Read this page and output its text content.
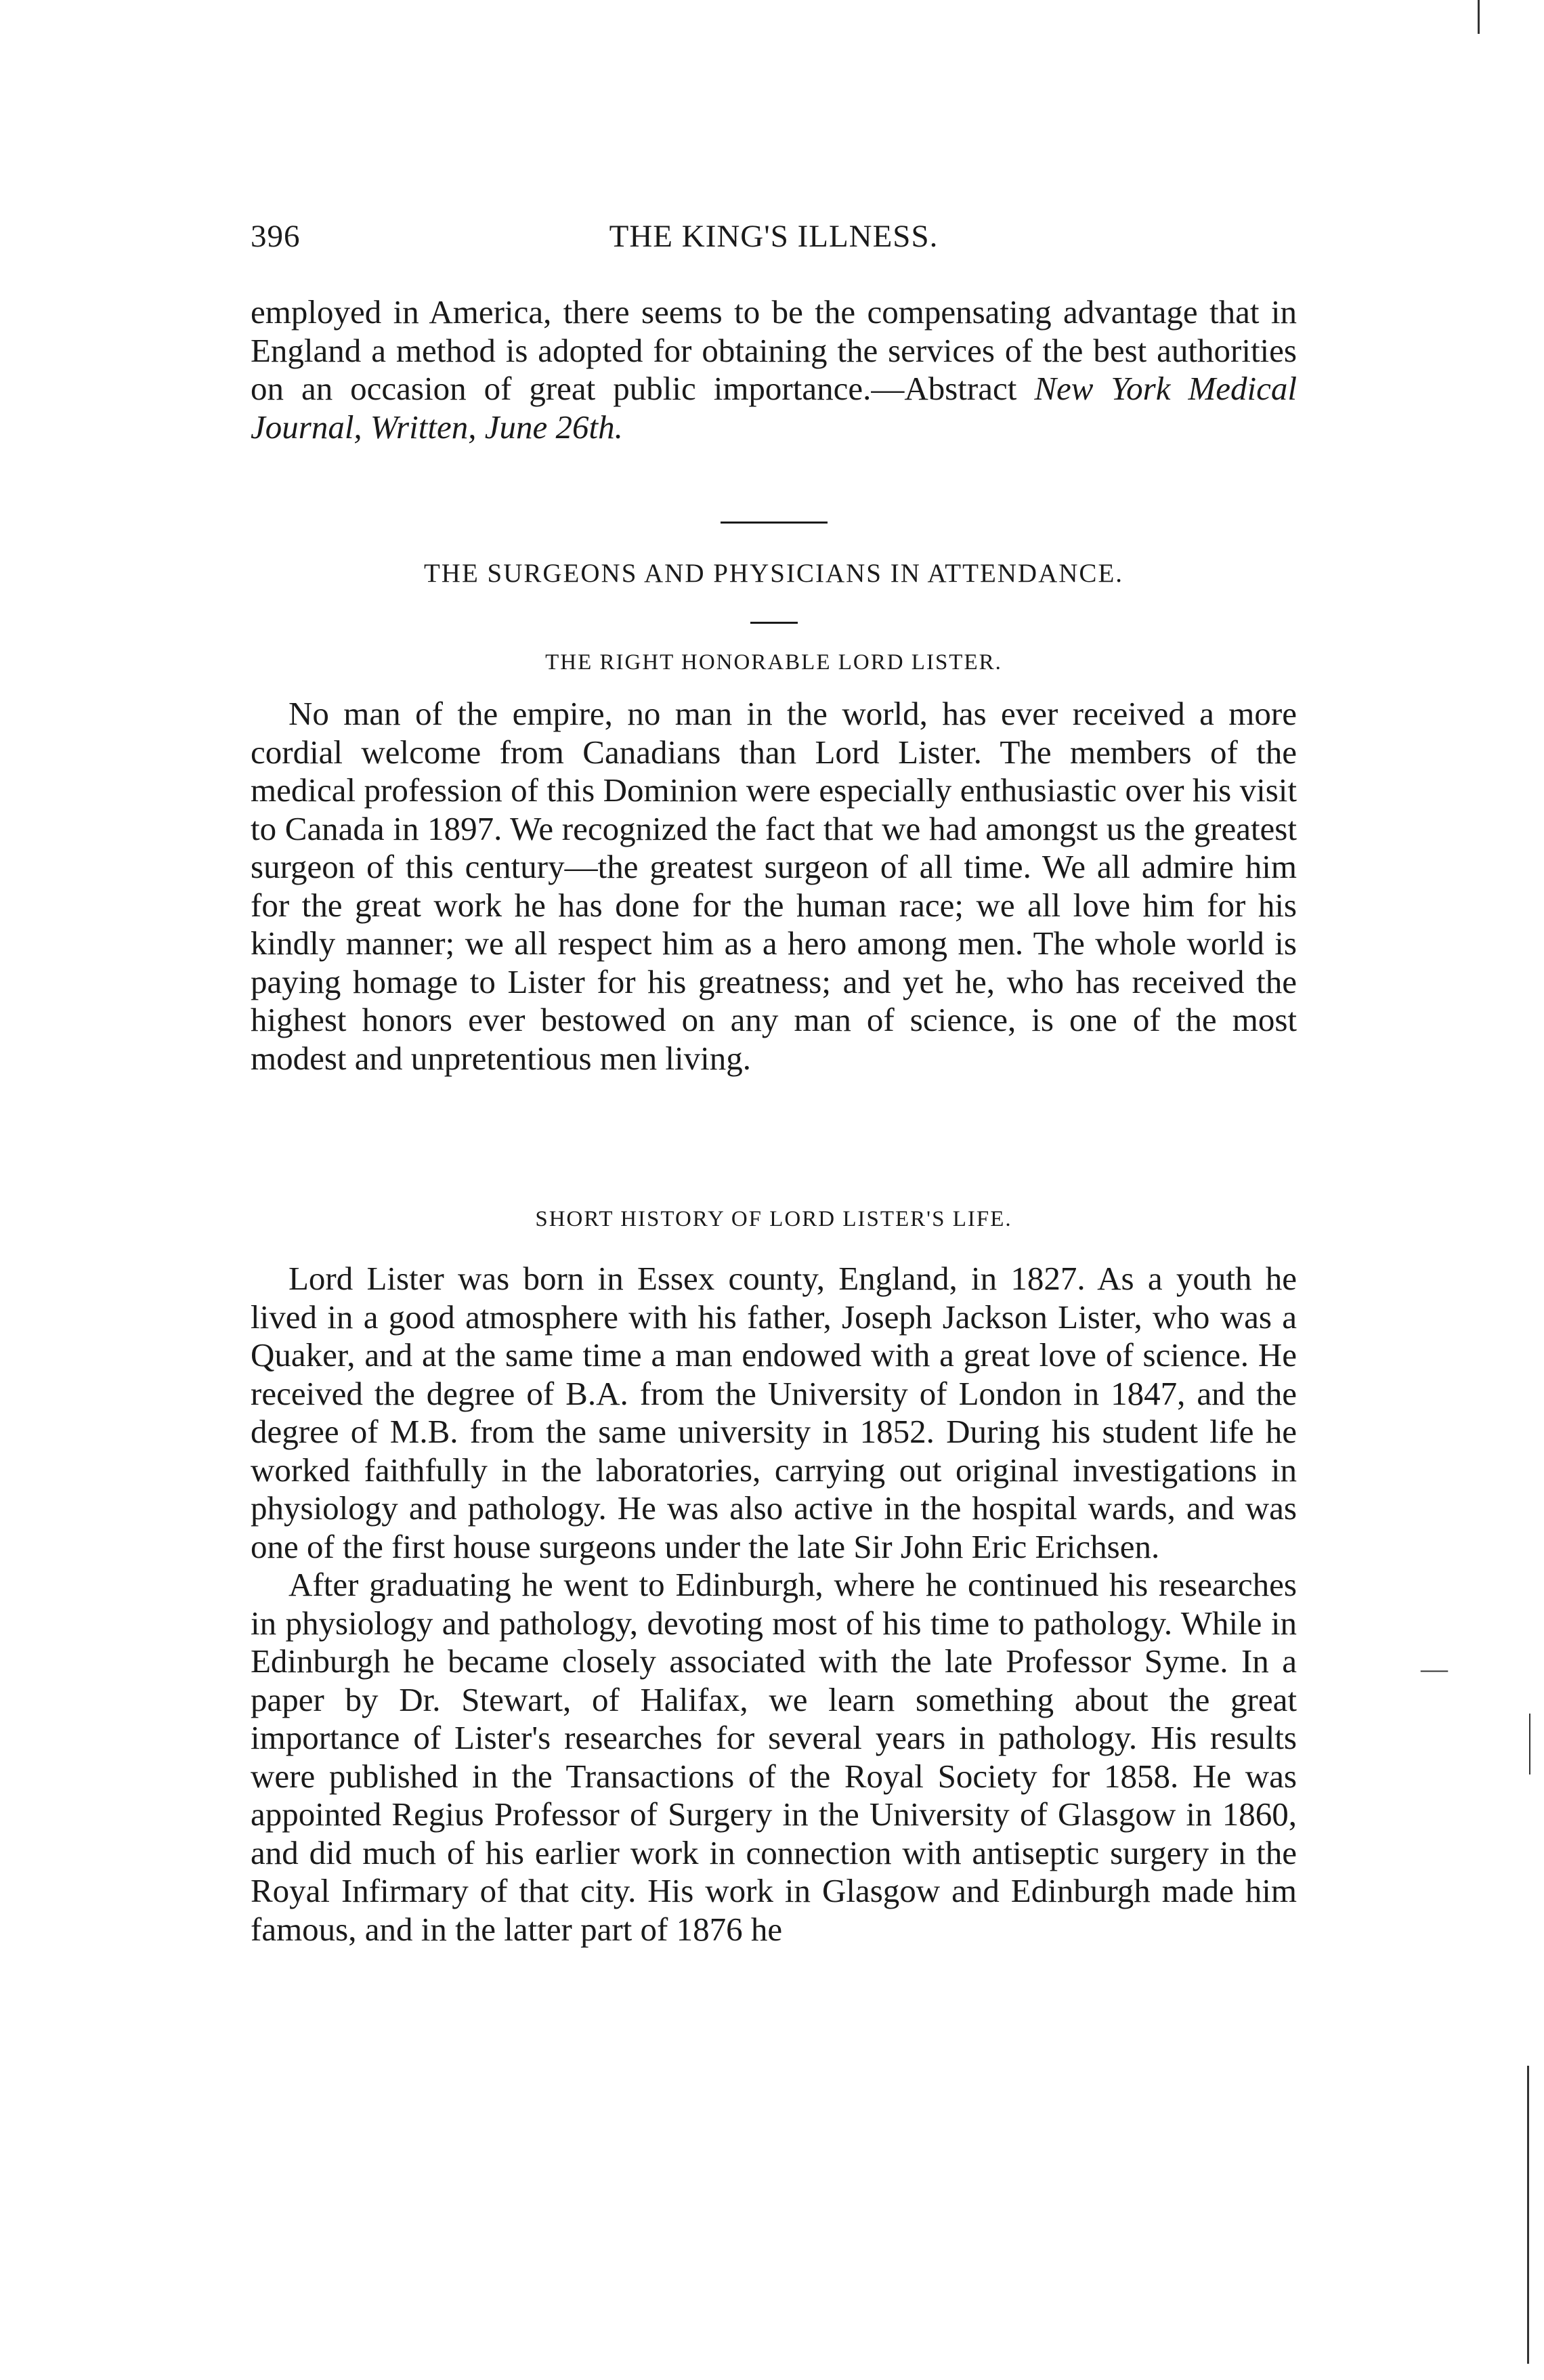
396	THE KING'S ILLNESS.

employed in America, there seems to be the compensating advantage that in England a method is adopted for obtaining the services of the best authorities on an occasion of great public importance.—Abstract New York Medical Journal, Written, June 26th.

THE SURGEONS AND PHYSICIANS IN ATTENDANCE.
THE RIGHT HONORABLE LORD LISTER.

No man of the empire, no man in the world, has ever received a more cordial welcome from Canadians than Lord Lister. The members of the medical profession of this Dominion were especially enthusiastic over his visit to Canada in 1897. We recognized the fact that we had amongst us the greatest surgeon of this century—the greatest surgeon of all time. We all admire him for the great work he has done for the human race; we all love him for his kindly manner; we all respect him as a hero among men. The whole world is paying homage to Lister for his greatness; and yet he, who has received the highest honors ever bestowed on any man of science, is one of the most modest and unpretentious men living.

SHORT HISTORY OF LORD LISTER'S LIFE.

Lord Lister was born in Essex county, England, in 1827. As a youth he lived in a good atmosphere with his father, Joseph Jackson Lister, who was a Quaker, and at the same time a man endowed with a great love of science. He received the degree of B.A. from the University of London in 1847, and the degree of M.B. from the same university in 1852. During his student life he worked faithfully in the laboratories, carrying out original investigations in physiology and pathology. He was also active in the hospital wards, and was one of the first house surgeons under the late Sir John Eric Erichsen.

After graduating he went to Edinburgh, where he continued his researches in physiology and pathology, devoting most of his time to pathology. While in Edinburgh he became closely associated with the late Professor Syme. In a paper by Dr. Stewart, of Halifax, we learn something about the great importance of Lister's researches for several years in pathology. His results were published in the Transactions of the Royal Society for 1858. He was appointed Regius Professor of Surgery in the University of Glasgow in 1860, and did much of his earlier work in connection with antiseptic surgery in the Royal Infirmary of that city. His work in Glasgow and Edinburgh made him famous, and in the latter part of 1876 he

—
